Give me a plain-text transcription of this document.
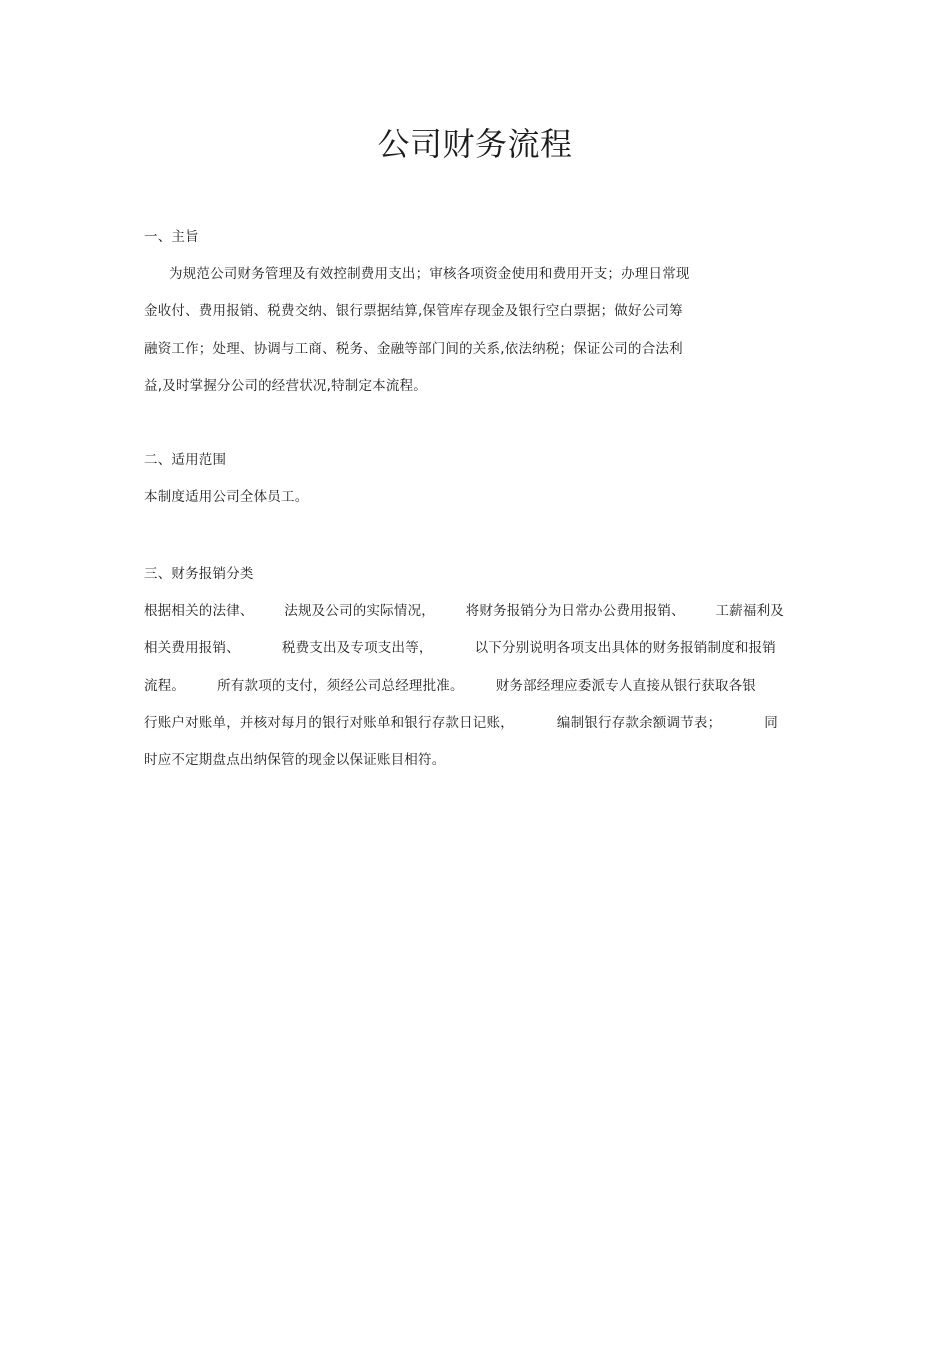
公司财务流程
一、主旨
为规范公司财务管理及有效控制费用支出；审核各项资金使用和费用开支；办理日常现
金收付、费用报销、税费交纳、银行票据结算,保管库存现金及银行空白票据；做好公司筹
融资工作；处理、协调与工商、税务、金融等部门间的关系,依法纳税；保证公司的合法利
益,及时掌握分公司的经营状况,特制定本流程。
二、适用范围
本制度适用公司全体员工。
三、财务报销分类
根据相关的法律、 法规及公司的实际情况， 将财务报销分为日常办公费用报销、 工薪福利及
相关费用报销、	税费支出及专项支出等，	以下分别说明各项支出具体的财务报销制度和报销
流程。 所有款项的支付，须经公司总经理批准。 财务部经理应委派专人直接从银行获取各银
行账户对账单，并核对每月的银行对账单和银行存款日记账，	编制银行存款余额调节表；	同
时应不定期盘点出纳保管的现金以保证账目相符。
